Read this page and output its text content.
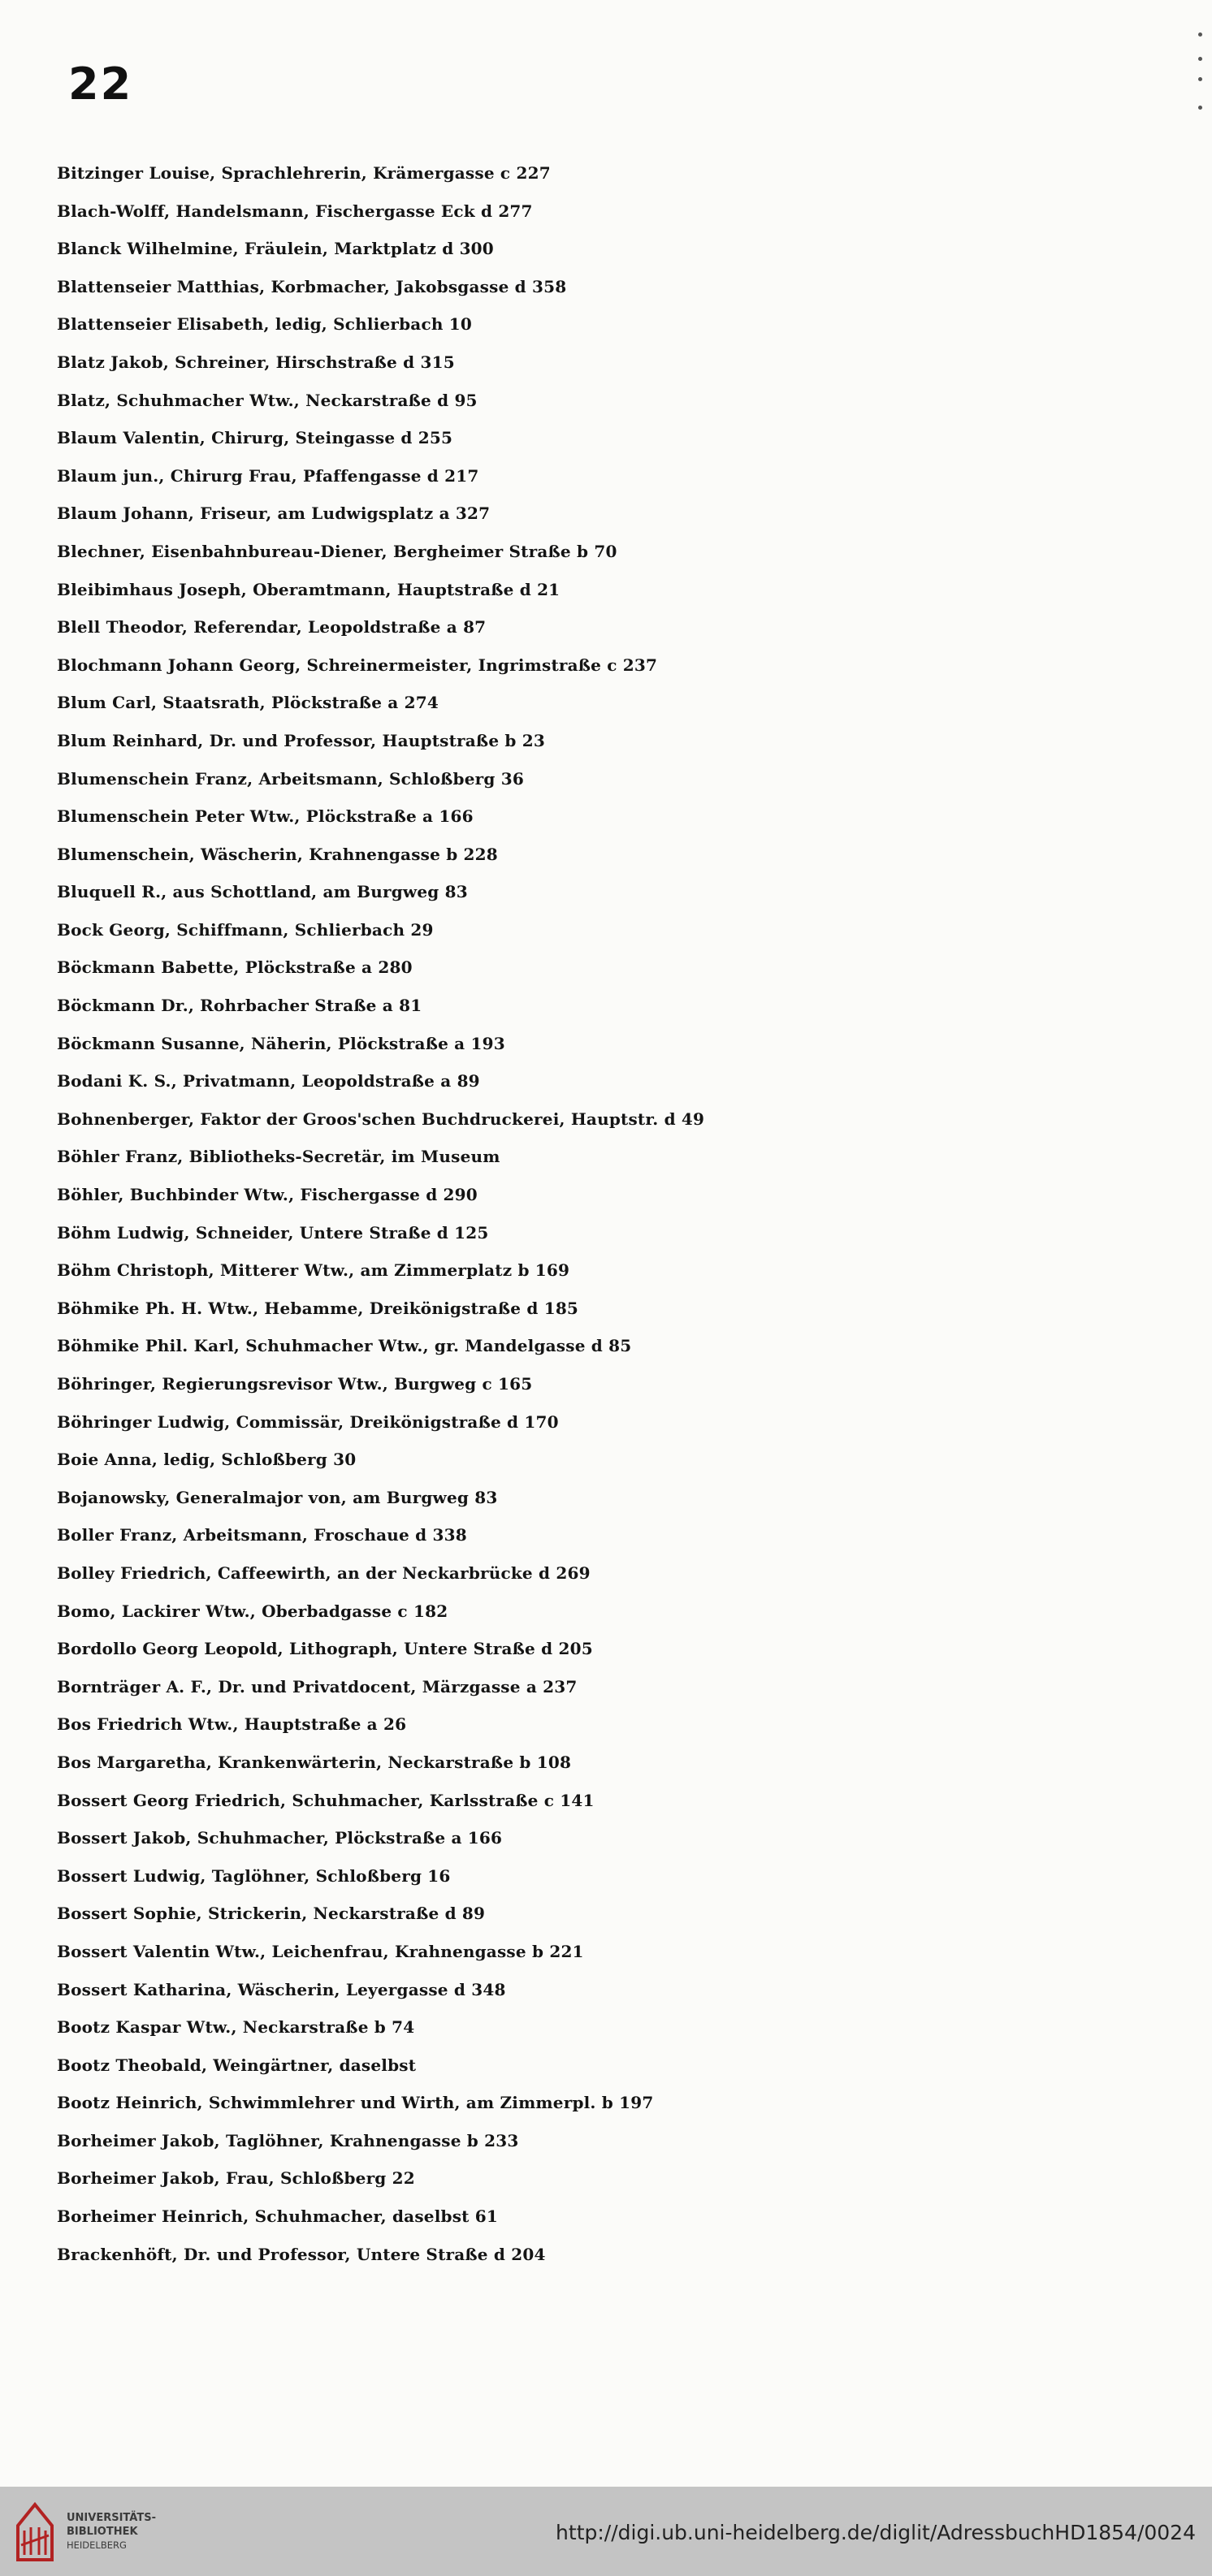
22
Bitzinger Louise, Sprachlehrerin, Krämergasse c 227
Blach-Wolff, Handelsmann, Fischergasse Eck d 277
Blanck Wilhelmine, Fräulein, Marktplatz d 300
Blattenseier Matthias, Korbmacher, Jakobsgasse d 358
Blattenseier Elisabeth, ledig, Schlierbach 10
Blatz Jakob, Schreiner, Hirschstraße d 315
Blatz, Schuhmacher Wtw., Neckarstraße d 95
Blaum Valentin, Chirurg, Steingasse d 255
Blaum jun., Chirurg Frau, Pfaffengasse d 217
Blaum Johann, Friseur, am Ludwigsplatz a 327
Blechner, Eisenbahnbureau-Diener, Bergheimer Straße b 70
Bleibimhaus Joseph, Oberamtmann, Hauptstraße d 21
Blell Theodor, Referendar, Leopoldstraße a 87
Blochmann Johann Georg, Schreinermeister, Ingrimstraße c 237
Blum Carl, Staatsrath, Plöckstraße a 274
Blum Reinhard, Dr. und Professor, Hauptstraße b 23
Blumenschein Franz, Arbeitsmann, Schloßberg 36
Blumenschein Peter Wtw., Plöckstraße a 166
Blumenschein, Wäscherin, Krahnengasse b 228
Bluquell R., aus Schottland, am Burgweg 83
Bock Georg, Schiffmann, Schlierbach 29
Böckmann Babette, Plöckstraße a 280
Böckmann Dr., Rohrbacher Straße a 81
Böckmann Susanne, Näherin, Plöckstraße a 193
Bodani K. S., Privatmann, Leopoldstraße a 89
Bohnenberger, Faktor der Groos'schen Buchdruckerei, Hauptstr. d 49
Böhler Franz, Bibliotheks-Secretär, im Museum
Böhler, Buchbinder Wtw., Fischergasse d 290
Böhm Ludwig, Schneider, Untere Straße d 125
Böhm Christoph, Mitterer Wtw., am Zimmerplatz b 169
Böhmike Ph. H. Wtw., Hebamme, Dreikönigstraße d 185
Böhmike Phil. Karl, Schuhmacher Wtw., gr. Mandelgasse d 85
Böhringer, Regierungsrevisor Wtw., Burgweg c 165
Böhringer Ludwig, Commissär, Dreikönigstraße d 170
Boie Anna, ledig, Schloßberg 30
Bojanowsky, Generalmajor von, am Burgweg 83
Boller Franz, Arbeitsmann, Froschaue d 338
Bolley Friedrich, Caffeewirth, an der Neckarbrücke d 269
Bomo, Lackirer Wtw., Oberbadgasse c 182
Bordollo Georg Leopold, Lithograph, Untere Straße d 205
Bornträger A. F., Dr. und Privatdocent, Märzgasse a 237
Bos Friedrich Wtw., Hauptstraße a 26
Bos Margaretha, Krankenwärterin, Neckarstraße b 108
Bossert Georg Friedrich, Schuhmacher, Karlsstraße c 141
Bossert Jakob, Schuhmacher, Plöckstraße a 166
Bossert Ludwig, Taglöhner, Schloßberg 16
Bossert Sophie, Strickerin, Neckarstraße d 89
Bossert Valentin Wtw., Leichenfrau, Krahnengasse b 221
Bossert Katharina, Wäscherin, Leyergasse d 348
Bootz Kaspar Wtw., Neckarstraße b 74
Bootz Theobald, Weingärtner, daselbst
Bootz Heinrich, Schwimmlehrer und Wirth, am Zimmerpl. b 197
Borheimer Jakob, Taglöhner, Krahnengasse b 233
Borheimer Jakob, Frau, Schloßberg 22
Borheimer Heinrich, Schuhmacher, daselbst 61
Brackenhöft, Dr. und Professor, Untere Straße d 204
UNIVERSITÄTS-
BIBLIOTHEK
HEIDELBERG
http://digi.ub.uni-heidelberg.de/diglit/AdressbuchHD1854/0024
